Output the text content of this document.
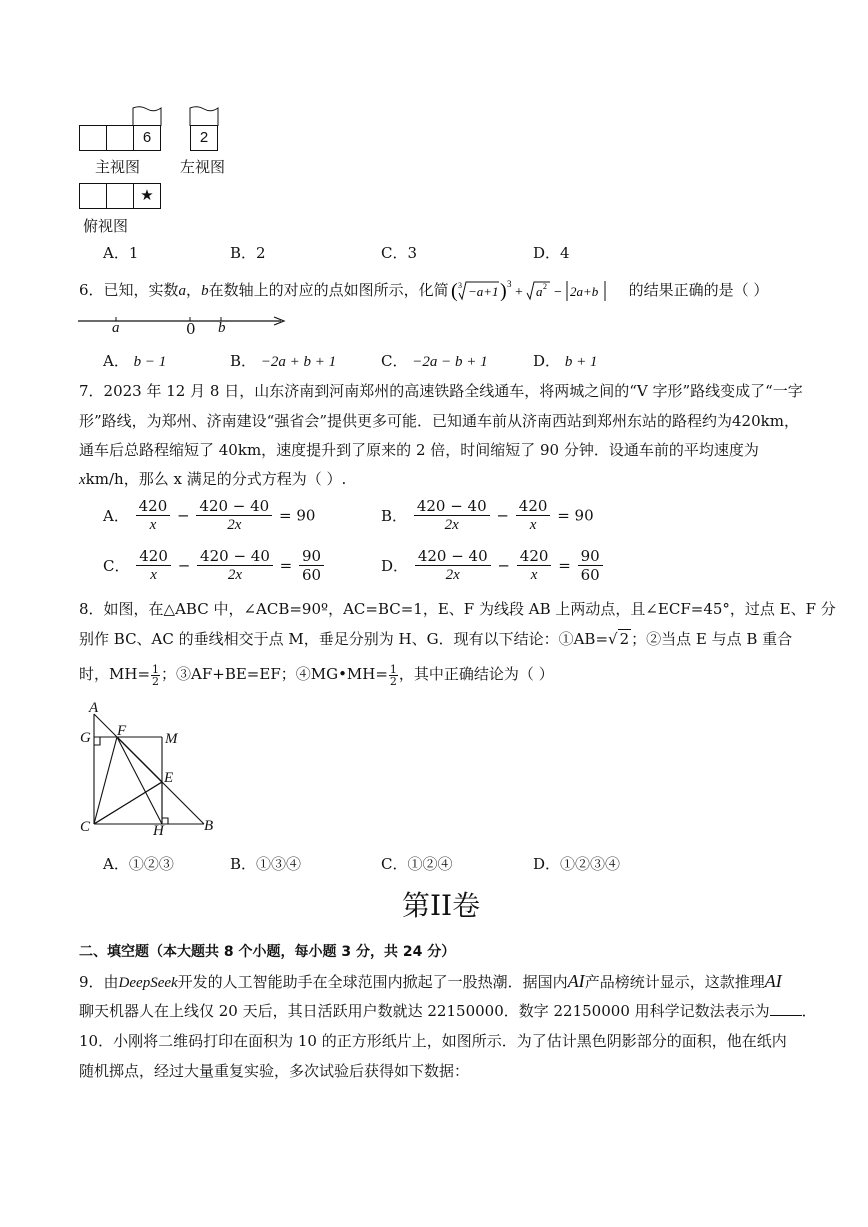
6
主视图
2
左视图
★
俯视图
A．1	B．2	C．3	D．4
6．已知，实数a，b在数轴上的对应的点如图所示，化简 ( 3 −a+1 ) 3
+ a 2 − 2a+b 的结果正确的是（ ）
a	0 b
A． b − 1	B． −2a + b + 1	C． −2a − b + 1	D． b + 1
7．2023 年 12 月 8 日，山东济南到河南郑州的高速铁路全线通车，将两城之间的“V 字形”路线变成了“一字
形”路线，为郑州、济南建设“强省会”提供更多可能．已知通车前从济南西站到郑州东站的路程约为420km，
通车后总路程缩短了 40km，速度提升到了原来的 2 倍，时间缩短了 90 分钟．设通车前的平均速度为
xkm/h，那么 x 满足的分式方程为（ ）.
A． $\frac{420}{x} - \frac{420 - 40}{2x} = 90$	B． $\frac{420 - 40}{2x} - \frac{420}{x} = 90$
C． $\frac{420}{x} - \frac{420 - 40}{2x} = \frac{90}{60}$	D． $\frac{420 - 40}{2x} - \frac{420}{x} = \frac{90}{60}$
8．如图，在△ABC 中，∠ACB=90º，AC=BC=1，E、F 为线段 AB 上两动点，且∠ECF=45°，过点 E、F 分
别作 BC、AC 的垂线相交于点 M，垂足分别为 H、G．现有以下结论：①AB=√ 2 ；②当点 E 与点 B 重合
时，$MH= \frac{1}{2}$ ；③AF+BE=EF；④MG•MH= $\frac{1}{2}$ ，其中正确结论为（ ）
A
F
G	M
E
C	H	B
A．①②③	B．①③④	C．①②④	D．①②③④
第II卷
二、填空题（本大题共 8 个小题，每小题 3 分，共 24 分）
9．由DeepSeek开发的人工智能助手在全球范围内掀起了一股热潮．据国内AI产品榜统计显示，这款推理AI
聊天机器人在上线仅 20 天后，其日活跃用户数就达 22150000．数字 22150000 用科学记数法表示为 ．
10．小刚将二维码打印在面积为 10 的正方形纸片上，如图所示．为了估计黑色阴影部分的面积，他在纸内
随机掷点，经过大量重复实验，多次试验后获得如下数据：
